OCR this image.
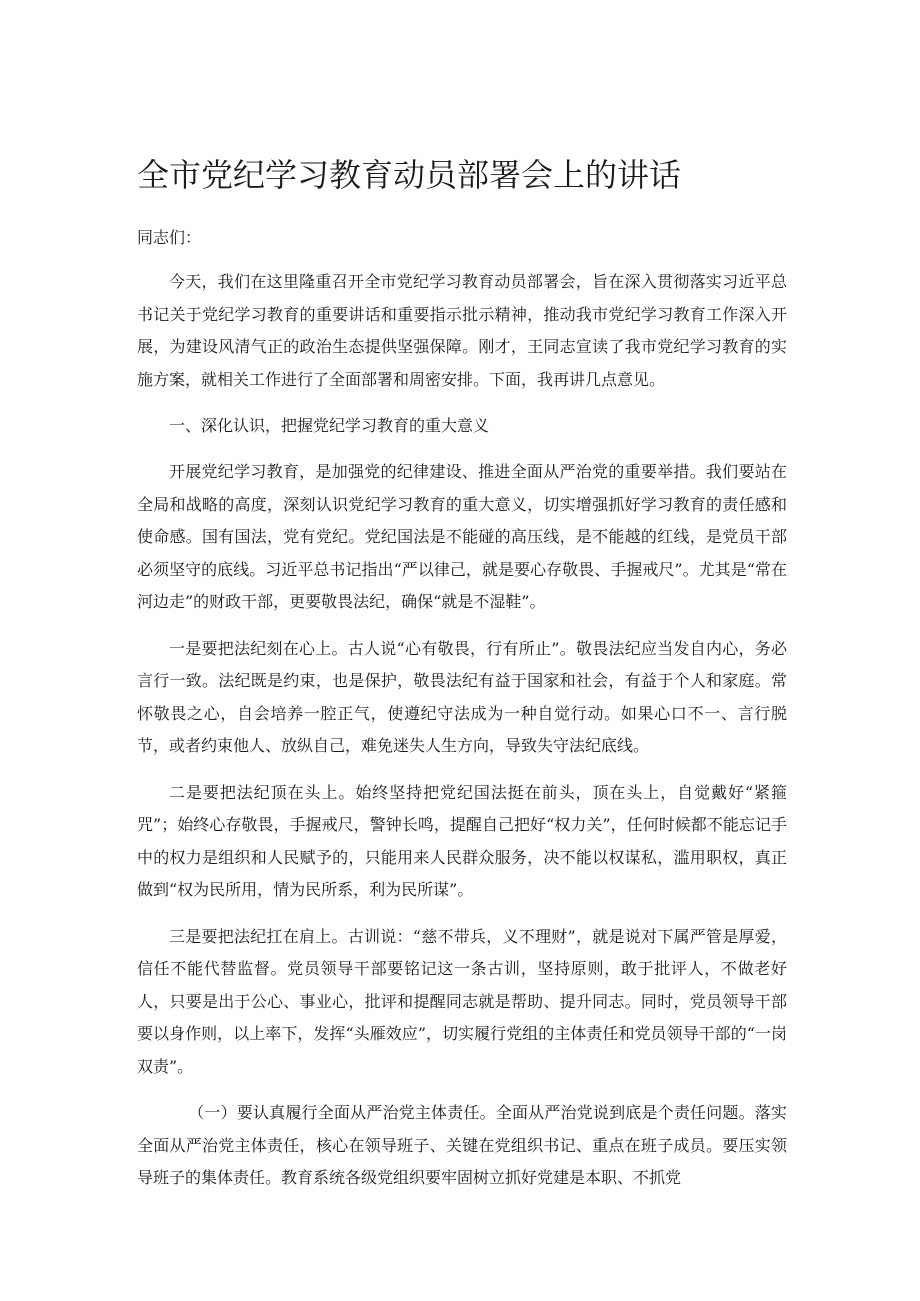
全市党纪学习教育动员部署会上的讲话

同志们：

今天，我们在这里隆重召开全市党纪学习教育动员部署会，旨在深入贯彻落实习近平总书记关于党纪学习教育的重要讲话和重要指示批示精神，推动我市党纪学习教育工作深入开展，为建设风清气正的政治生态提供坚强保障。刚才，王同志宣读了我市党纪学习教育的实施方案，就相关工作进行了全面部署和周密安排。下面，我再讲几点意见。

一、深化认识，把握党纪学习教育的重大意义

开展党纪学习教育，是加强党的纪律建设、推进全面从严治党的重要举措。我们要站在全局和战略的高度，深刻认识党纪学习教育的重大意义，切实增强抓好学习教育的责任感和使命感。国有国法，党有党纪。党纪国法是不能碰的高压线，是不能越的红线，是党员干部必须坚守的底线。习近平总书记指出“严以律己，就是要心存敬畏、手握戒尺”。尤其是“常在河边走”的财政干部，更要敬畏法纪，确保“就是不湿鞋”。

一是要把法纪刻在心上。古人说“心有敬畏，行有所止”。敬畏法纪应当发自内心，务必言行一致。法纪既是约束，也是保护，敬畏法纪有益于国家和社会，有益于个人和家庭。常怀敬畏之心，自会培养一腔正气，使遵纪守法成为一种自觉行动。如果心口不一、言行脱节，或者约束他人、放纵自己，难免迷失人生方向，导致失守法纪底线。

二是要把法纪顶在头上。始终坚持把党纪国法挺在前头，顶在头上，自觉戴好“紧箍咒”；始终心存敬畏，手握戒尺，警钟长鸣，提醒自己把好“权力关”，任何时候都不能忘记手中的权力是组织和人民赋予的，只能用来人民群众服务，决不能以权谋私，滥用职权，真正做到“权为民所用，情为民所系，利为民所谋”。

三是要把法纪扛在肩上。古训说：“慈不带兵，义不理财”，就是说对下属严管是厚爱，信任不能代替监督。党员领导干部要铭记这一条古训，坚持原则，敢于批评人，不做老好人，只要是出于公心、事业心，批评和提醒同志就是帮助、提升同志。同时，党员领导干部要以身作则，以上率下，发挥“头雁效应”，切实履行党组的主体责任和党员领导干部的“一岗双责”。

（一）要认真履行全面从严治党主体责任。全面从严治党说到底是个责任问题。落实全面从严治党主体责任，核心在领导班子、关键在党组织书记、重点在班子成员。要压实领导班子的集体责任。教育系统各级党组织要牢固树立抓好党建是本职、不抓党
